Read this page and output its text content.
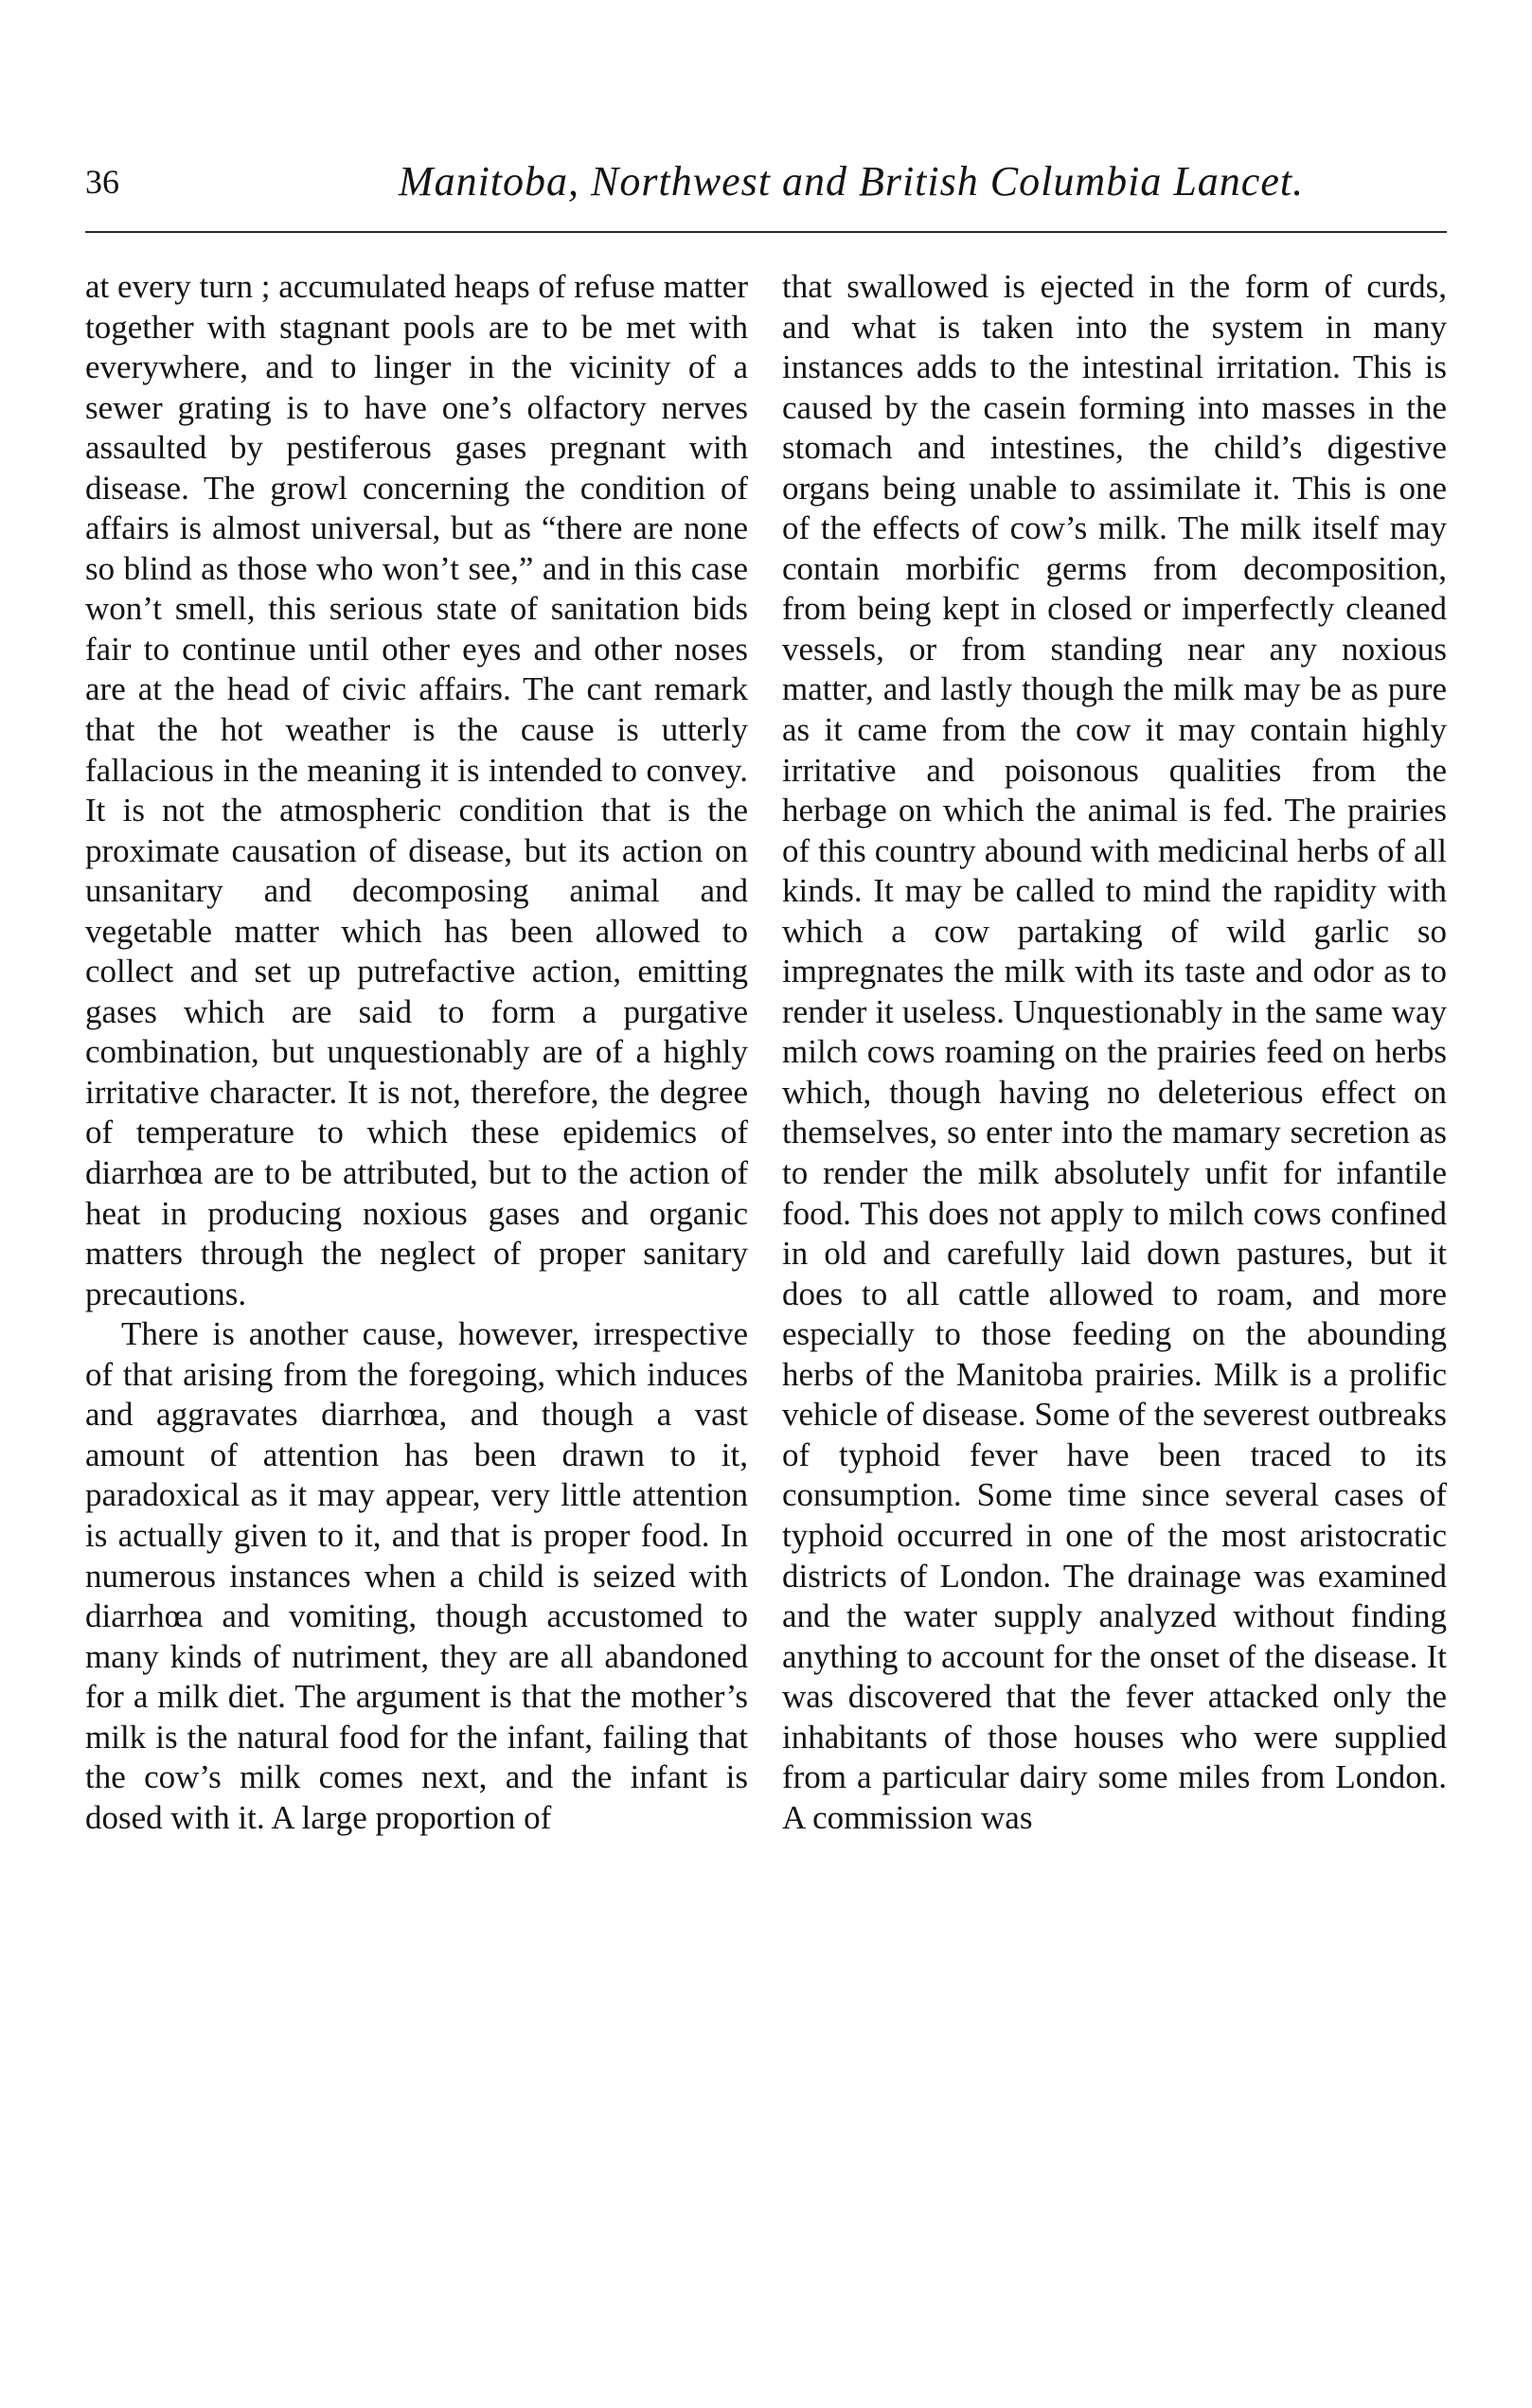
36	Manitoba, Northwest and British Columbia Lancet.

at every turn ; accumulated heaps of refuse matter together with stagnant pools are to be met with everywhere, and to linger in the vicinity of a sewer grating is to have one’s olfactory nerves assaulted by pestiferous gases pregnant with disease. The growl concerning the condition of affairs is almost universal, but as “there are none so blind as those who won’t see,” and in this case won’t smell, this serious state of sanitation bids fair to continue until other eyes and other noses are at the head of civic affairs. The cant remark that the hot weather is the cause is utterly fallacious in the meaning it is intended to convey. It is not the atmospheric condition that is the proximate causation of disease, but its action on unsanitary and decomposing animal and vegetable matter which has been allowed to collect and set up putrefactive action, emitting gases which are said to form a purgative combination, but unquestionably are of a highly irritative character. It is not, therefore, the degree of temperature to which these epidemics of diarrhœa are to be attributed, but to the action of heat in producing noxious gases and organic matters through the neglect of proper sanitary precautions.

There is another cause, however, irrespective of that arising from the foregoing, which induces and aggravates diarrhœa, and though a vast amount of attention has been drawn to it, paradoxical as it may appear, very little attention is actually given to it, and that is proper food. In numerous instances when a child is seized with diarrhœa and vomiting, though accustomed to many kinds of nutriment, they are all abandoned for a milk diet. The argument is that the mother’s milk is the natural food for the infant, failing that the cow’s milk comes next, and the infant is dosed with it. A large proportion of

that swallowed is ejected in the form of curds, and what is taken into the system in many instances adds to the intestinal irritation. This is caused by the casein forming into masses in the stomach and intestines, the child’s digestive organs being unable to assimilate it. This is one of the effects of cow’s milk. The milk itself may contain morbific germs from decomposition, from being kept in closed or imperfectly cleaned vessels, or from standing near any noxious matter, and lastly though the milk may be as pure as it came from the cow it may contain highly irritative and poisonous qualities from the herbage on which the animal is fed. The prairies of this country abound with medicinal herbs of all kinds. It may be called to mind the rapidity with which a cow partaking of wild garlic so impregnates the milk with its taste and odor as to render it useless. Unquestionably in the same way milch cows roaming on the prairies feed on herbs which, though having no deleterious effect on themselves, so enter into the mamary secretion as to render the milk absolutely unfit for infantile food. This does not apply to milch cows confined in old and carefully laid down pastures, but it does to all cattle allowed to roam, and more especially to those feeding on the abounding herbs of the Manitoba prairies. Milk is a prolific vehicle of disease. Some of the severest outbreaks of typhoid fever have been traced to its consumption. Some time since several cases of typhoid occurred in one of the most aristocratic districts of London. The drainage was examined and the water supply analyzed without finding anything to account for the onset of the disease. It was discovered that the fever attacked only the inhabitants of those houses who were supplied from a particular dairy some miles from London. A commission was
